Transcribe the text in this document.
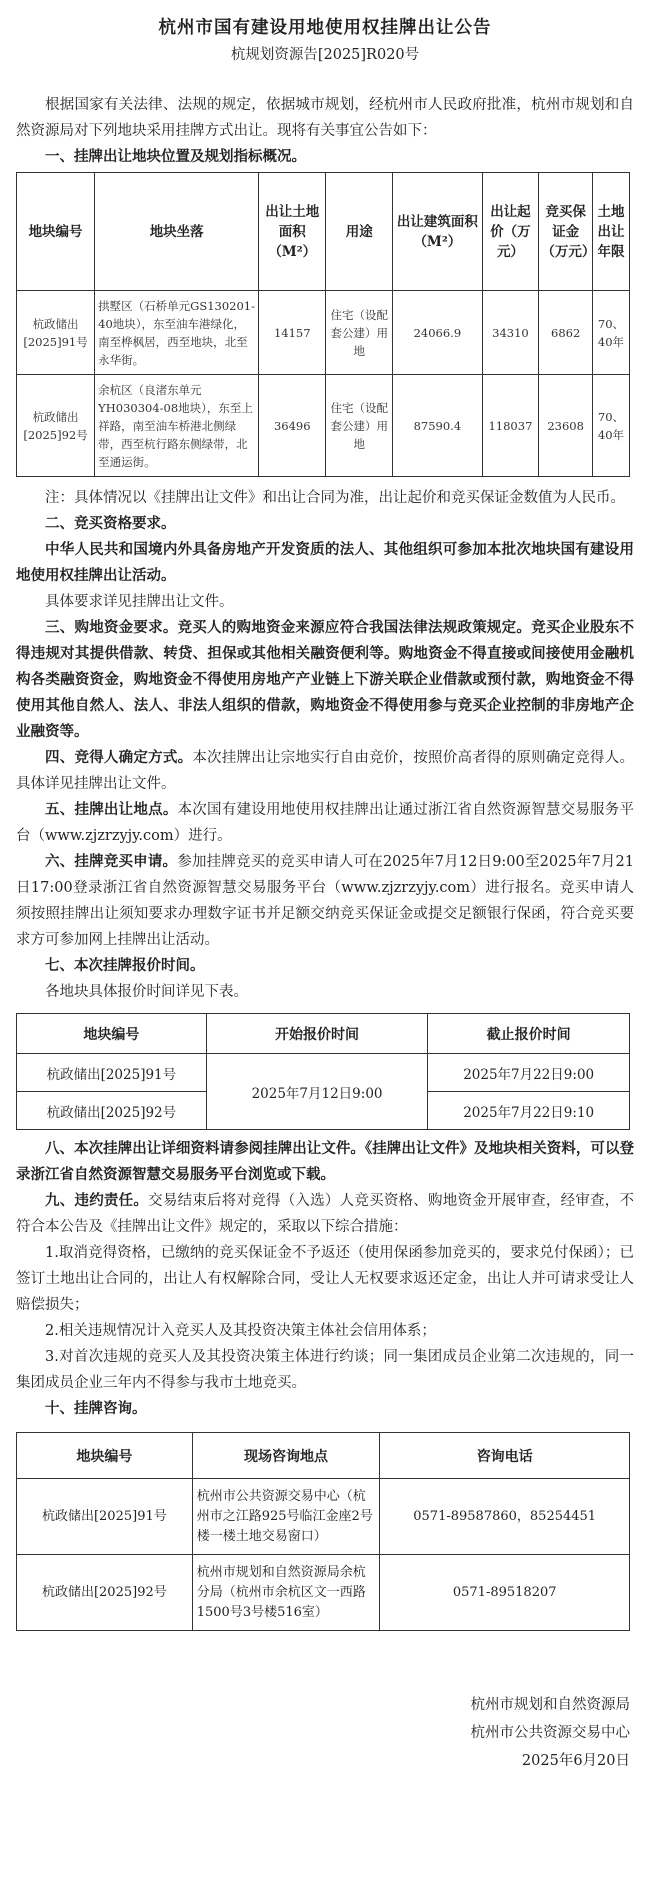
杭州市国有建设用地使用权挂牌出让公告
杭规划资源告[2025]R020号

根据国家有关法律、法规的规定，依据城市规划，经杭州市人民政府批准，杭州市规划和自然资源局对下列地块采用挂牌方式出让。现将有关事宜公告如下：

一、挂牌出让地块位置及规划指标概况。

地块编号	地块坐落	出让土地面积（M²）	用途	出让建筑面积（M²）	出让起价（万元）	竞买保证金（万元）	土地出让年限
杭政储出[2025]91号	拱墅区（石桥单元GS130201-40地块），东至油车港绿化，南至桦枫居，西至地块，北至永华街。	14157	住宅（设配套公建）用地	24066.9	34310	6862	70、40年
杭政储出[2025]92号	余杭区（良渚东单元YH030304-08地块），东至上祥路，南至油车桥港北侧绿带，西至杭行路东侧绿带，北至通运街。	36496	住宅（设配套公建）用地	87590.4	118037	23608	70、40年

注：具体情况以《挂牌出让文件》和出让合同为准，出让起价和竞买保证金数值为人民币。

二、竞买资格要求。

中华人民共和国境内外具备房地产开发资质的法人、其他组织可参加本批次地块国有建设用地使用权挂牌出让活动。

具体要求详见挂牌出让文件。

三、购地资金要求。竞买人的购地资金来源应符合我国法律法规政策规定。竞买企业股东不得违规对其提供借款、转贷、担保或其他相关融资便利等。购地资金不得直接或间接使用金融机构各类融资资金，购地资金不得使用房地产产业链上下游关联企业借款或预付款，购地资金不得使用其他自然人、法人、非法人组织的借款，购地资金不得使用参与竞买企业控制的非房地产企业融资等。

四、竞得人确定方式。本次挂牌出让宗地实行自由竞价，按照价高者得的原则确定竞得人。具体详见挂牌出让文件。

五、挂牌出让地点。本次国有建设用地使用权挂牌出让通过浙江省自然资源智慧交易服务平台（www.zjzrzyjy.com）进行。

六、挂牌竞买申请。参加挂牌竞买的竞买申请人可在2025年7月12日9:00至2025年7月21日17:00登录浙江省自然资源智慧交易服务平台（www.zjzrzyjy.com）进行报名。竞买申请人须按照挂牌出让须知要求办理数字证书并足额交纳竞买保证金或提交足额银行保函，符合竞买要求方可参加网上挂牌出让活动。

七、本次挂牌报价时间。

各地块具体报价时间详见下表。

地块编号	开始报价时间	截止报价时间
杭政储出[2025]91号	2025年7月12日9:00	2025年7月22日9:00
杭政储出[2025]92号		2025年7月22日9:10

八、本次挂牌出让详细资料请参阅挂牌出让文件。《挂牌出让文件》及地块相关资料，可以登录浙江省自然资源智慧交易服务平台浏览或下载。

九、违约责任。交易结束后将对竞得（入选）人竞买资格、购地资金开展审查，经审查，不符合本公告及《挂牌出让文件》规定的，采取以下综合措施：

1.取消竞得资格，已缴纳的竞买保证金不予返还（使用保函参加竞买的，要求兑付保函）；已签订土地出让合同的，出让人有权解除合同，受让人无权要求返还定金，出让人并可请求受让人赔偿损失；

2.相关违规情况计入竞买人及其投资决策主体社会信用体系；

3.对首次违规的竞买人及其投资决策主体进行约谈；同一集团成员企业第二次违规的，同一集团成员企业三年内不得参与我市土地竞买。

十、挂牌咨询。

地块编号	现场咨询地点	咨询电话
杭政储出[2025]91号	杭州市公共资源交易中心（杭州市之江路925号临江金座2号楼一楼土地交易窗口）	0571-89587860，85254451
杭政储出[2025]92号	杭州市规划和自然资源局余杭分局（杭州市余杭区文一西路1500号3号楼516室）	0571-89518207
杭州市规划和自然资源局
杭州市公共资源交易中心
2025年6月20日
